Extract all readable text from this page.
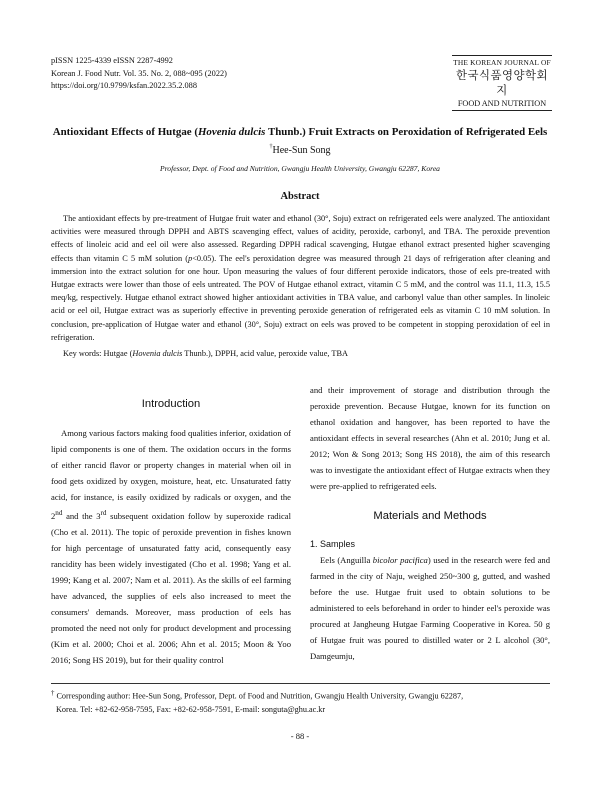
pISSN 1225-4339 eISSN 2287-4992
Korean J. Food Nutr. Vol. 35. No. 2, 088~095 (2022)
https://doi.org/10.9799/ksfan.2022.35.2.088
THE KOREAN JOURNAL OF
한국식품영양학회지
FOOD AND NUTRITION
Antioxidant Effects of Hutgae (Hovenia dulcis Thunb.) Fruit Extracts on Peroxidation of Refrigerated Eels
†Hee-Sun Song
Professor, Dept. of Food and Nutrition, Gwangju Health University, Gwangju 62287, Korea
Abstract
The antioxidant effects by pre-treatment of Hutgae fruit water and ethanol (30°, Soju) extract on refrigerated eels were analyzed. The antioxidant activities were measured through DPPH and ABTS scavenging effect, values of acidity, peroxide, carbonyl, and TBA. The peroxide prevention effects of linoleic acid and eel oil were also assessed. Regarding DPPH radical scavenging, Hutgae ethanol extract presented higher scavenging effects than vitamin C 5 mM solution (p<0.05). The eel's peroxidation degree was measured through 21 days of refrigeration after cleaning and immersion into the extract solution for one hour. Upon measuring the values of four different peroxide indicators, those of eels pre-treated with Hutgae extracts were lower than those of eels untreated. The POV of Hutgae ethanol extract, vitamin C 5 mM, and the control was 11.1, 11.3, 15.5 meq/kg, respectively. Hutgae ethanol extract showed higher antioxidant activities in TBA value, and carbonyl value than other samples. In linoleic acid or eel oil, Hutgae extract was as superiorly effective in preventing peroxide generation of refrigerated eels as vitamin C 10 mM solution. In conclusion, pre-application of Hutgae water and ethanol (30°, Soju) extract on eels was proved to be competent in stopping peroxidation of eel in refrigeration.
Key words: Hutgae (Hovenia dulcis Thunb.), DPPH, acid value, peroxide value, TBA
Introduction

Among various factors making food qualities inferior, oxidation of lipid components is one of them. The oxidation occurs in the forms of either rancid flavor or property changes in material when oil in food gets oxidized by oxygen, moisture, heat, etc. Unsaturated fatty acid, for instance, is easily oxidized by radicals or oxygen, and the 2nd and the 3rd subsequent oxidation follow by superoxide radical (Cho et al. 2011). The topic of peroxide prevention in fishes known for high percentage of unsaturated fatty acid, consequently easy rancidity has been widely investigated (Cho et al. 1998; Yang et al. 1999; Kang et al. 2007; Nam et al. 2011). As the skills of eel farming have advanced, the supplies of eels also increased to meet the consumers' demands. Moreover, mass production of eels has promoted the need not only for product development and processing (Kim et al. 2000; Choi et al. 2006; Ahn et al. 2015; Moon & Yoo 2016; Song HS 2019), but for their quality control

and their improvement of storage and distribution through the peroxide prevention. Because Hutgae, known for its function on ethanol oxidation and hangover, has been reported to have the antioxidant effects in several researches (Ahn et al. 2010; Jung et al. 2012; Won & Song 2013; Song HS 2018), the aim of this research was to investigate the antioxidant effect of Hutgae extracts when they were pre-applied to refrigerated eels.

Materials and Methods
1. Samples

Eels (Anguilla bicolor pacifica) used in the research were fed and farmed in the city of Naju, weighed 250~300 g, gutted, and washed before the use. Hutgae fruit used to obtain solutions to be administered to eels beforehand in order to hinder eel's peroxide was procured at Jangheung Hutgae Farming Cooperative in Korea. 50 g of Hutgae fruit was poured to distilled water or 2 L alcohol (30°, Damgeumju,

† Corresponding author: Hee-Sun Song, Professor, Dept. of Food and Nutrition, Gwangju Health University, Gwangju 62287,
Korea. Tel: +82-62-958-7595, Fax: +82-62-958-7591, E-mail: songuta@ghu.ac.kr
- 88 -
